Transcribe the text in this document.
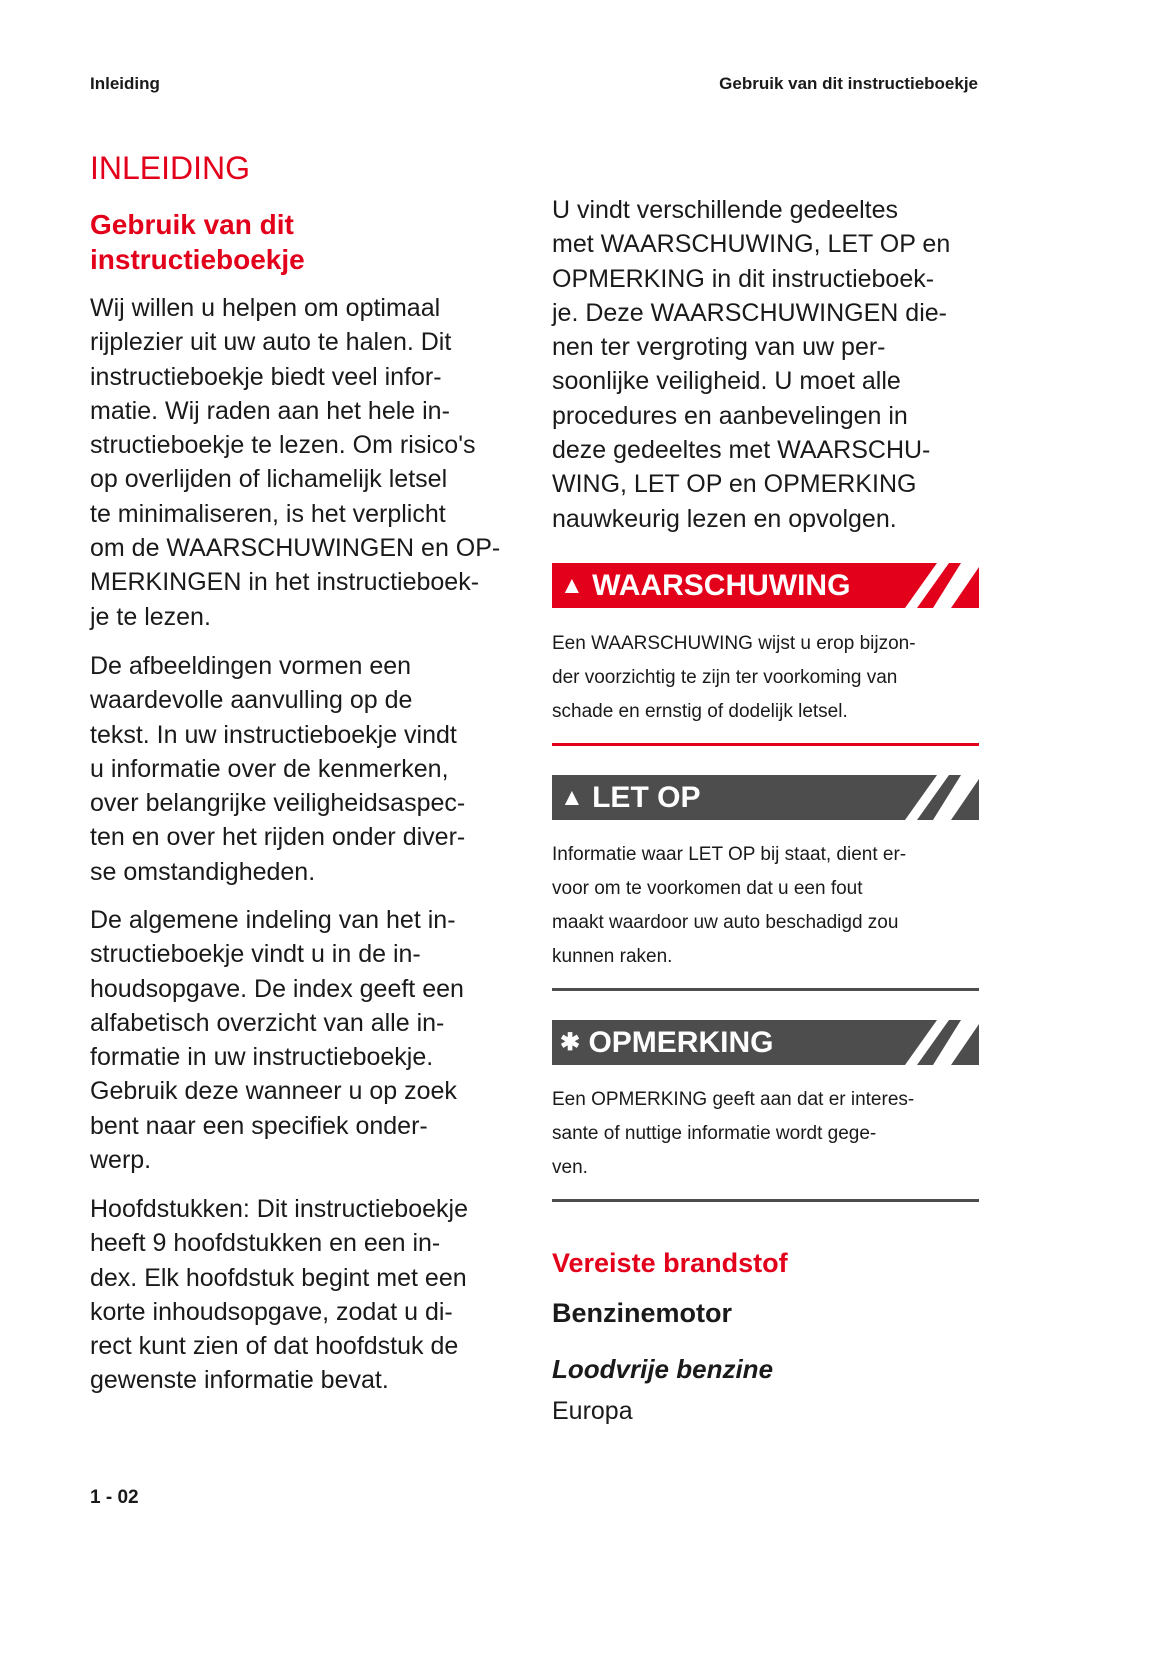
Inleiding	Gebruik van dit instructieboekje
INLEIDING
Gebruik van dit
instructieboekje
Wij willen u helpen om optimaal
rijplezier uit uw auto te halen. Dit
instructieboekje biedt veel infor-
matie. Wij raden aan het hele in-
structieboekje te lezen. Om risico's
op overlijden of lichamelijk letsel
te minimaliseren, is het verplicht
om de WAARSCHUWINGEN en OP-
MERKINGEN in het instructieboek-
je te lezen.
De afbeeldingen vormen een
waardevolle aanvulling op de
tekst. In uw instructieboekje vindt
u informatie over de kenmerken,
over belangrijke veiligheidsaspec-
ten en over het rijden onder diver-
se omstandigheden.
De algemene indeling van het in-
structieboekje vindt u in de in-
houdsopgave. De index geeft een
alfabetisch overzicht van alle in-
formatie in uw instructieboekje.
Gebruik deze wanneer u op zoek
bent naar een specifiek onder-
werp.
Hoofdstukken: Dit instructieboekje
heeft 9 hoofdstukken en een in-
dex. Elk hoofdstuk begint met een
korte inhoudsopgave, zodat u di-
rect kunt zien of dat hoofdstuk de
gewenste informatie bevat.
U vindt verschillende gedeeltes
met WAARSCHUWING, LET OP en
OPMERKING in dit instructieboek-
je. Deze WAARSCHUWINGEN die-
nen ter vergroting van uw per-
soonlijke veiligheid. U moet alle
procedures en aanbevelingen in
deze gedeeltes met WAARSCHU-
WING, LET OP en OPMERKING
nauwkeurig lezen en opvolgen.
▲ WAARSCHUWING
Een WAARSCHUWING wijst u erop bijzon-
der voorzichtig te zijn ter voorkoming van
schade en ernstig of dodelijk letsel.
▲ LET OP
Informatie waar LET OP bij staat, dient er-
voor om te voorkomen dat u een fout
maakt waardoor uw auto beschadigd zou
kunnen raken.
✱ OPMERKING
Een OPMERKING geeft aan dat er interes-
sante of nuttige informatie wordt gege-
ven.
Vereiste brandstof
Benzinemotor
Loodvrije benzine
Europa
1 - 02
